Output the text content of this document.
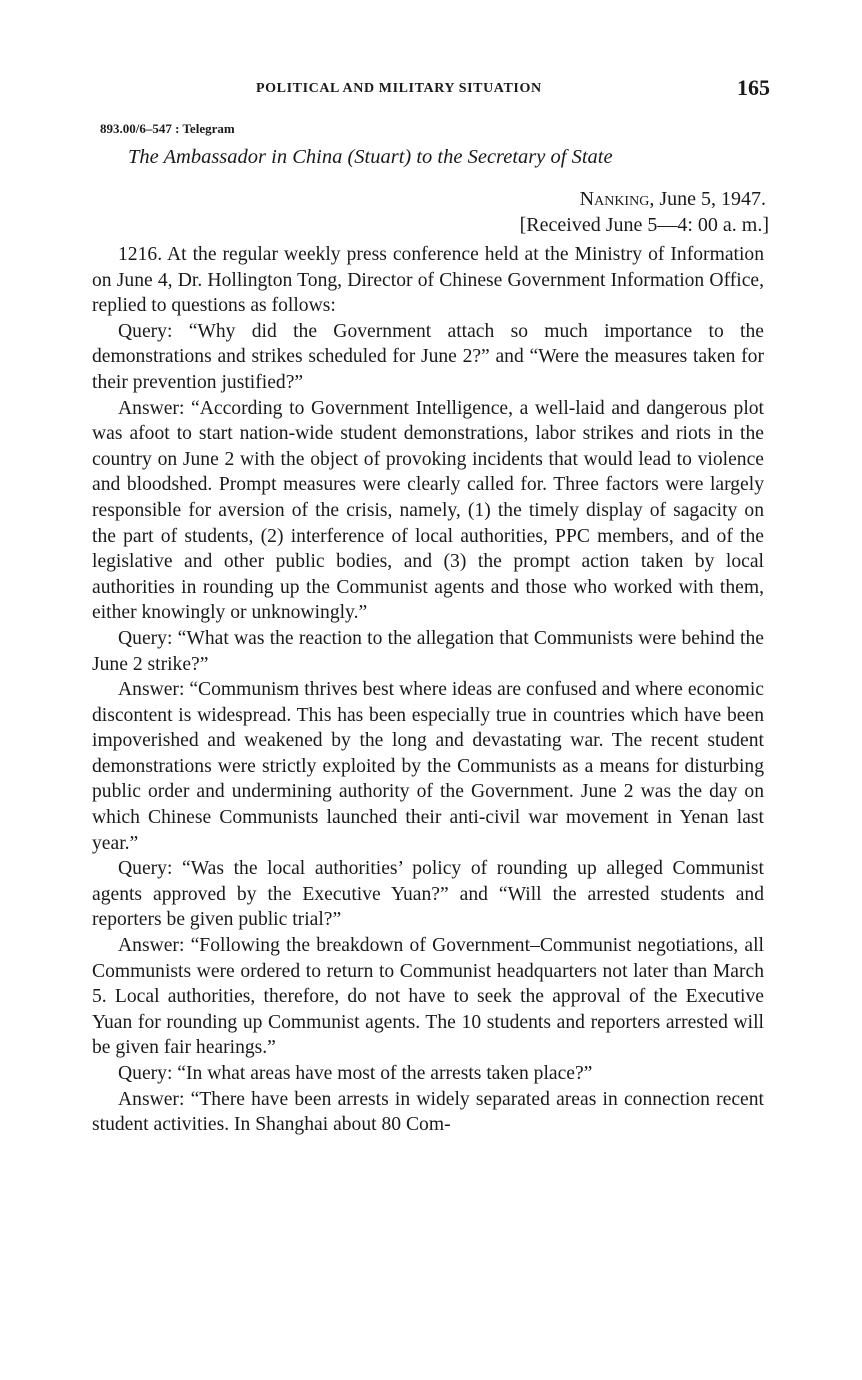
POLITICAL AND MILITARY SITUATION	165
893.00/6–547 : Telegram
The Ambassador in China (Stuart) to the Secretary of State
Nanking, June 5, 1947.
[Received June 5—4: 00 a. m.]

1216. At the regular weekly press conference held at the Ministry of Information on June 4, Dr. Hollington Tong, Director of Chinese Government Information Office, replied to questions as follows:

Query: “Why did the Government attach so much importance to the demonstrations and strikes scheduled for June 2?” and “Were the measures taken for their prevention justified?”

Answer: “According to Government Intelligence, a well-laid and dangerous plot was afoot to start nation-wide student demonstrations, labor strikes and riots in the country on June 2 with the object of provoking incidents that would lead to violence and bloodshed. Prompt measures were clearly called for. Three factors were largely responsible for aversion of the crisis, namely, (1) the timely display of sagacity on the part of students, (2) interference of local authorities, PPC members, and of the legislative and other public bodies, and (3) the prompt action taken by local authorities in rounding up the Communist agents and those who worked with them, either knowingly or unknowingly.”

Query: “What was the reaction to the allegation that Communists were behind the June 2 strike?”

Answer: “Communism thrives best where ideas are confused and where economic discontent is widespread. This has been especially true in countries which have been impoverished and weakened by the long and devastating war. The recent student demonstrations were strictly exploited by the Communists as a means for disturbing public order and undermining authority of the Government. June 2 was the day on which Chinese Communists launched their anti-civil war movement in Yenan last year.”

Query: “Was the local authorities’ policy of rounding up alleged Communist agents approved by the Executive Yuan?” and “Will the arrested students and reporters be given public trial?”

Answer: “Following the breakdown of Government–Communist negotiations, all Communists were ordered to return to Communist headquarters not later than March 5. Local authorities, therefore, do not have to seek the approval of the Executive Yuan for rounding up Communist agents. The 10 students and reporters arrested will be given fair hearings.”

Query: “In what areas have most of the arrests taken place?”

Answer: “There have been arrests in widely separated areas in connection recent student activities. In Shanghai about 80 Com-
